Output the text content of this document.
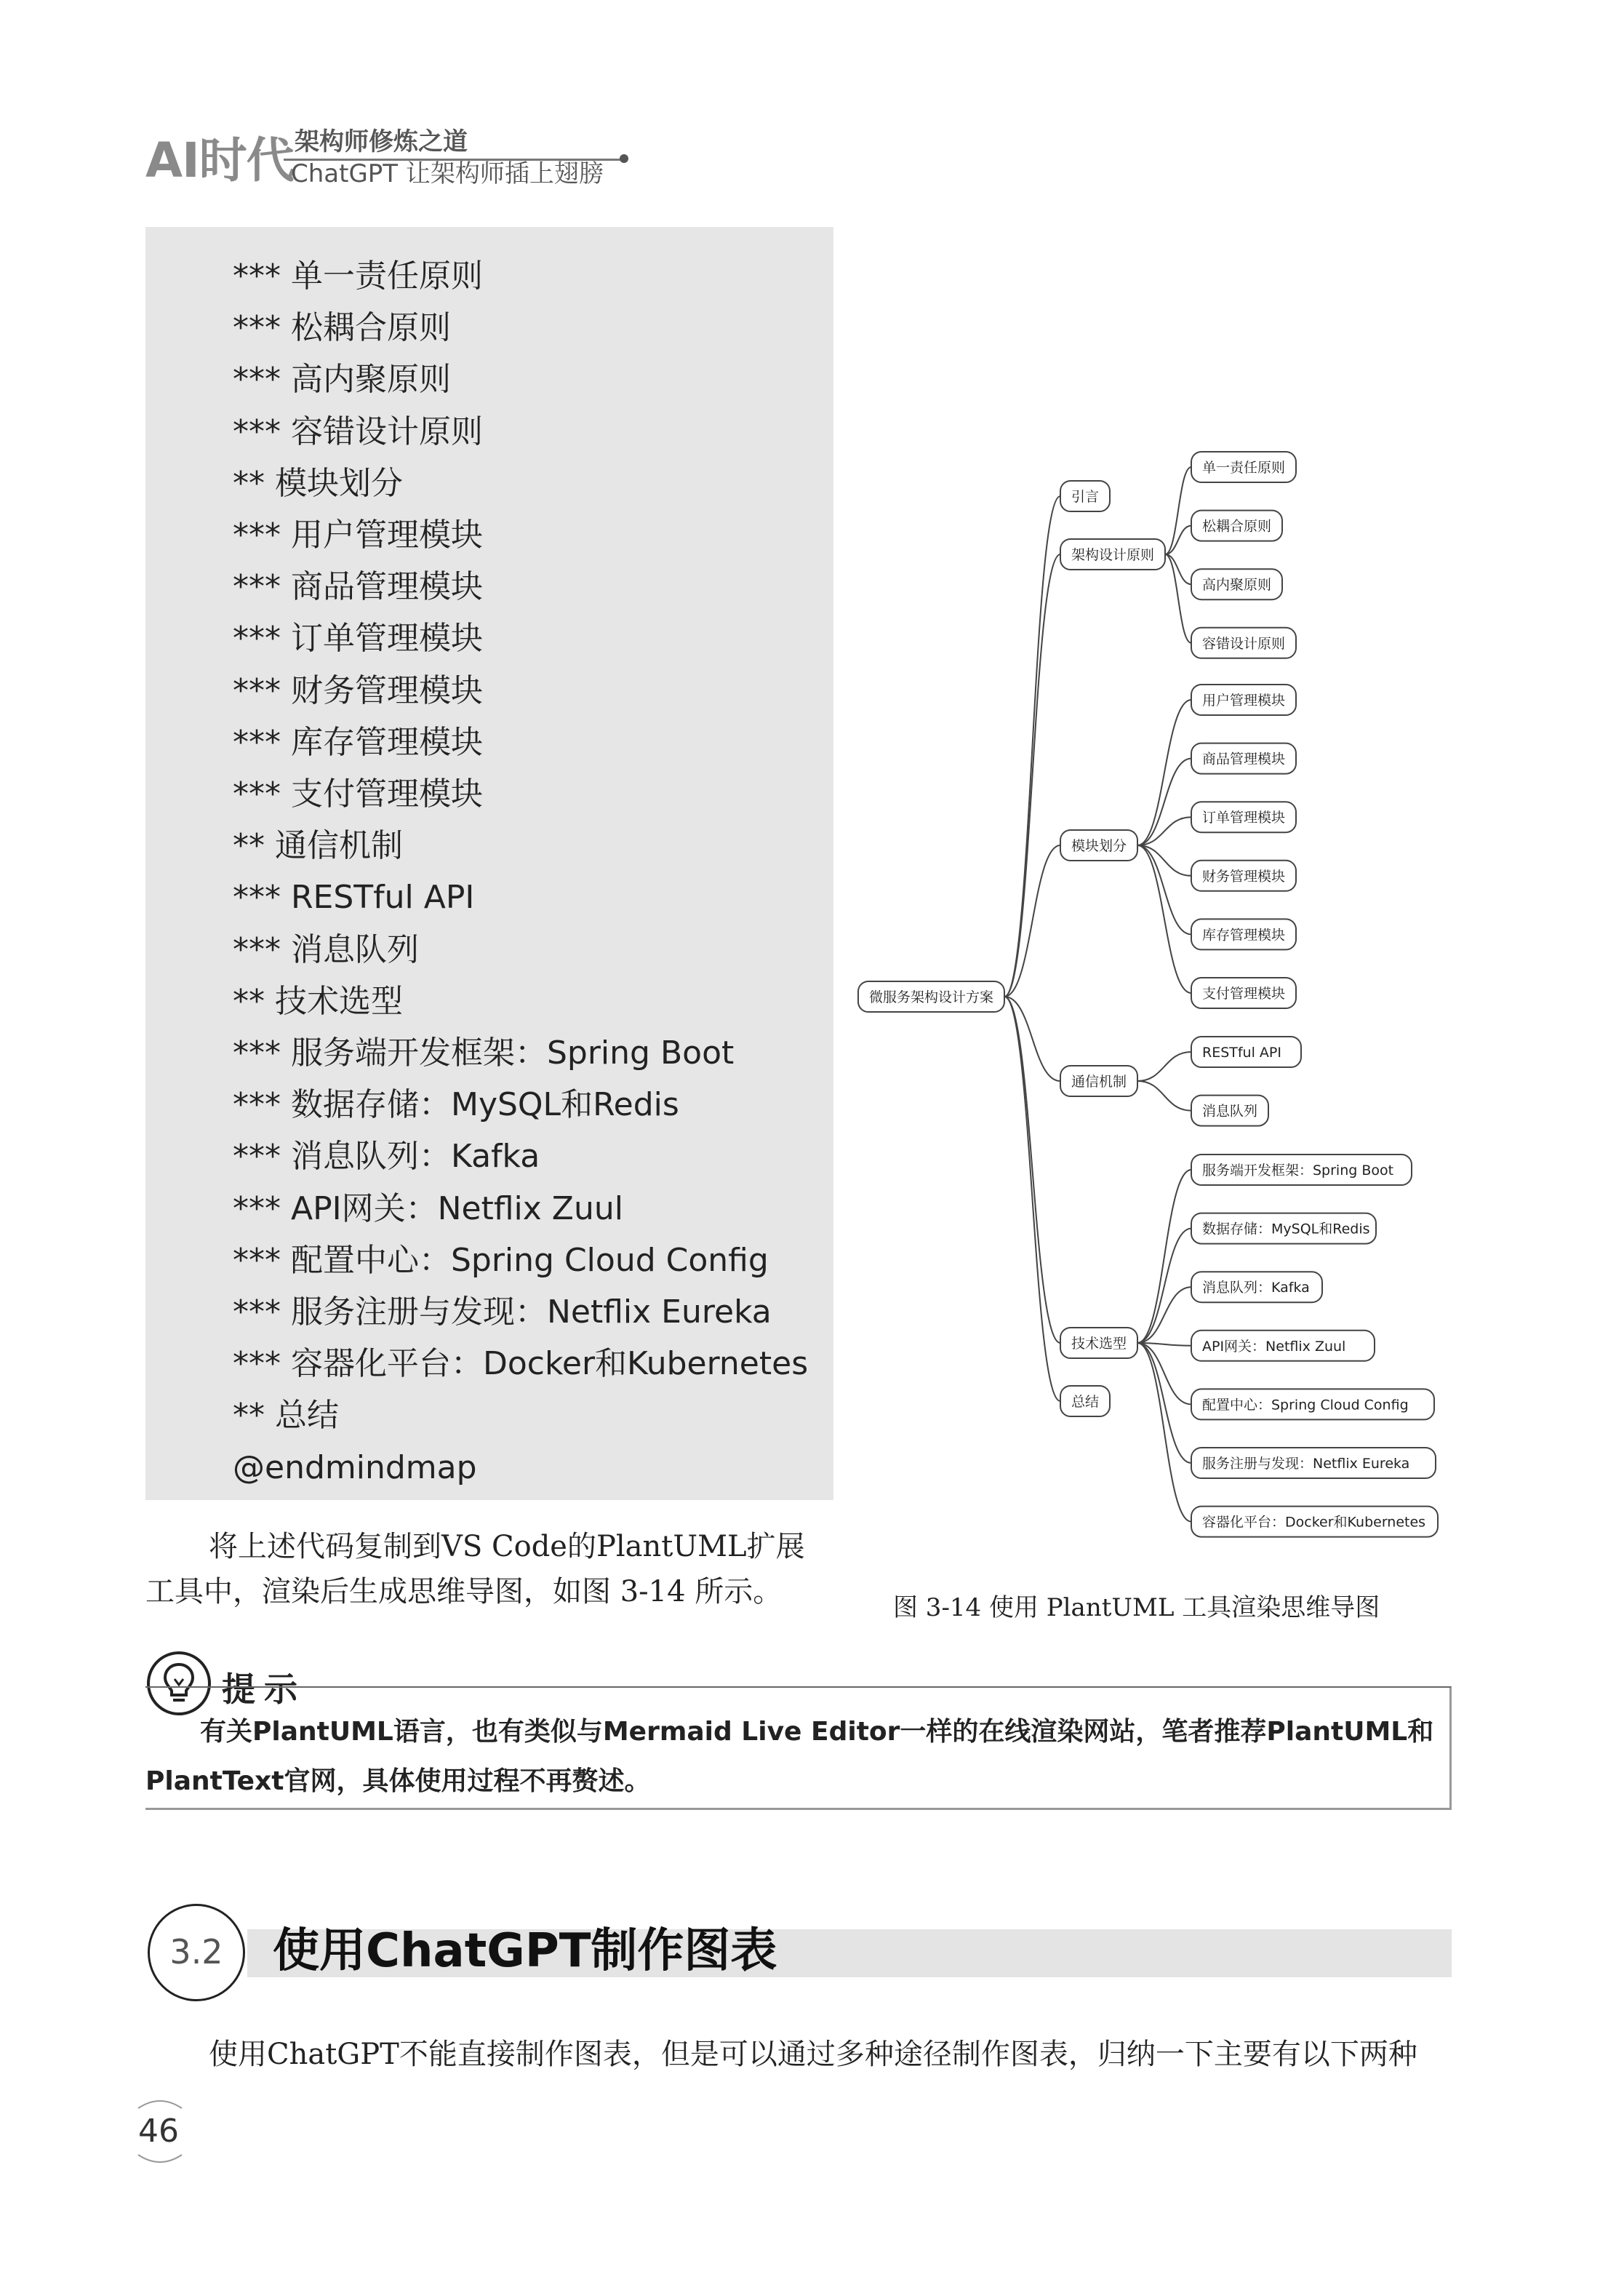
AI时代 架构师修炼之道
ChatGPT 让架构师插上翅膀
*** 单一责任原则
*** 松耦合原则
*** 高内聚原则
*** 容错设计原则
** 模块划分
*** 用户管理模块
*** 商品管理模块
*** 订单管理模块
*** 财务管理模块
*** 库存管理模块
*** 支付管理模块
** 通信机制
*** RESTful API
*** 消息队列
** 技术选型
*** 服务端开发框架：Spring Boot
*** 数据存储：MySQL和Redis
*** 消息队列：Kafka
*** API网关：Netflix Zuul
*** 配置中心：Spring Cloud Config
*** 服务注册与发现：Netflix Eureka
*** 容器化平台：Docker和Kubernetes
** 总结
@endmindmap
将上述代码复制到VS Code的PlantUML扩展
工具中，渲染后生成思维导图，如图 3-14 所示。
微服务架构设计方案
引言
架构设计原则
单一责任原则
松耦合原则
高内聚原则
容错设计原则
模块划分
用户管理模块
商品管理模块
订单管理模块
财务管理模块
库存管理模块
支付管理模块
通信机制
RESTful API
消息队列
技术选型
服务端开发框架：Spring Boot
数据存储：MySQL和Redis
消息队列：Kafka
API网关：Netflix Zuul
配置中心：Spring Cloud Config
服务注册与发现：Netflix Eureka
容器化平台：Docker和Kubernetes
总结
图 3-14 使用 PlantUML 工具渲染思维导图
提示
有关PlantUML语言，也有类似与Mermaid Live Editor一样的在线渲染网站，笔者推荐PlantUML和
PlantText官网，具体使用过程不再赘述。
3.2	使用ChatGPT制作图表
使用ChatGPT不能直接制作图表，但是可以通过多种途径制作图表，归纳一下主要有以下两种
46
